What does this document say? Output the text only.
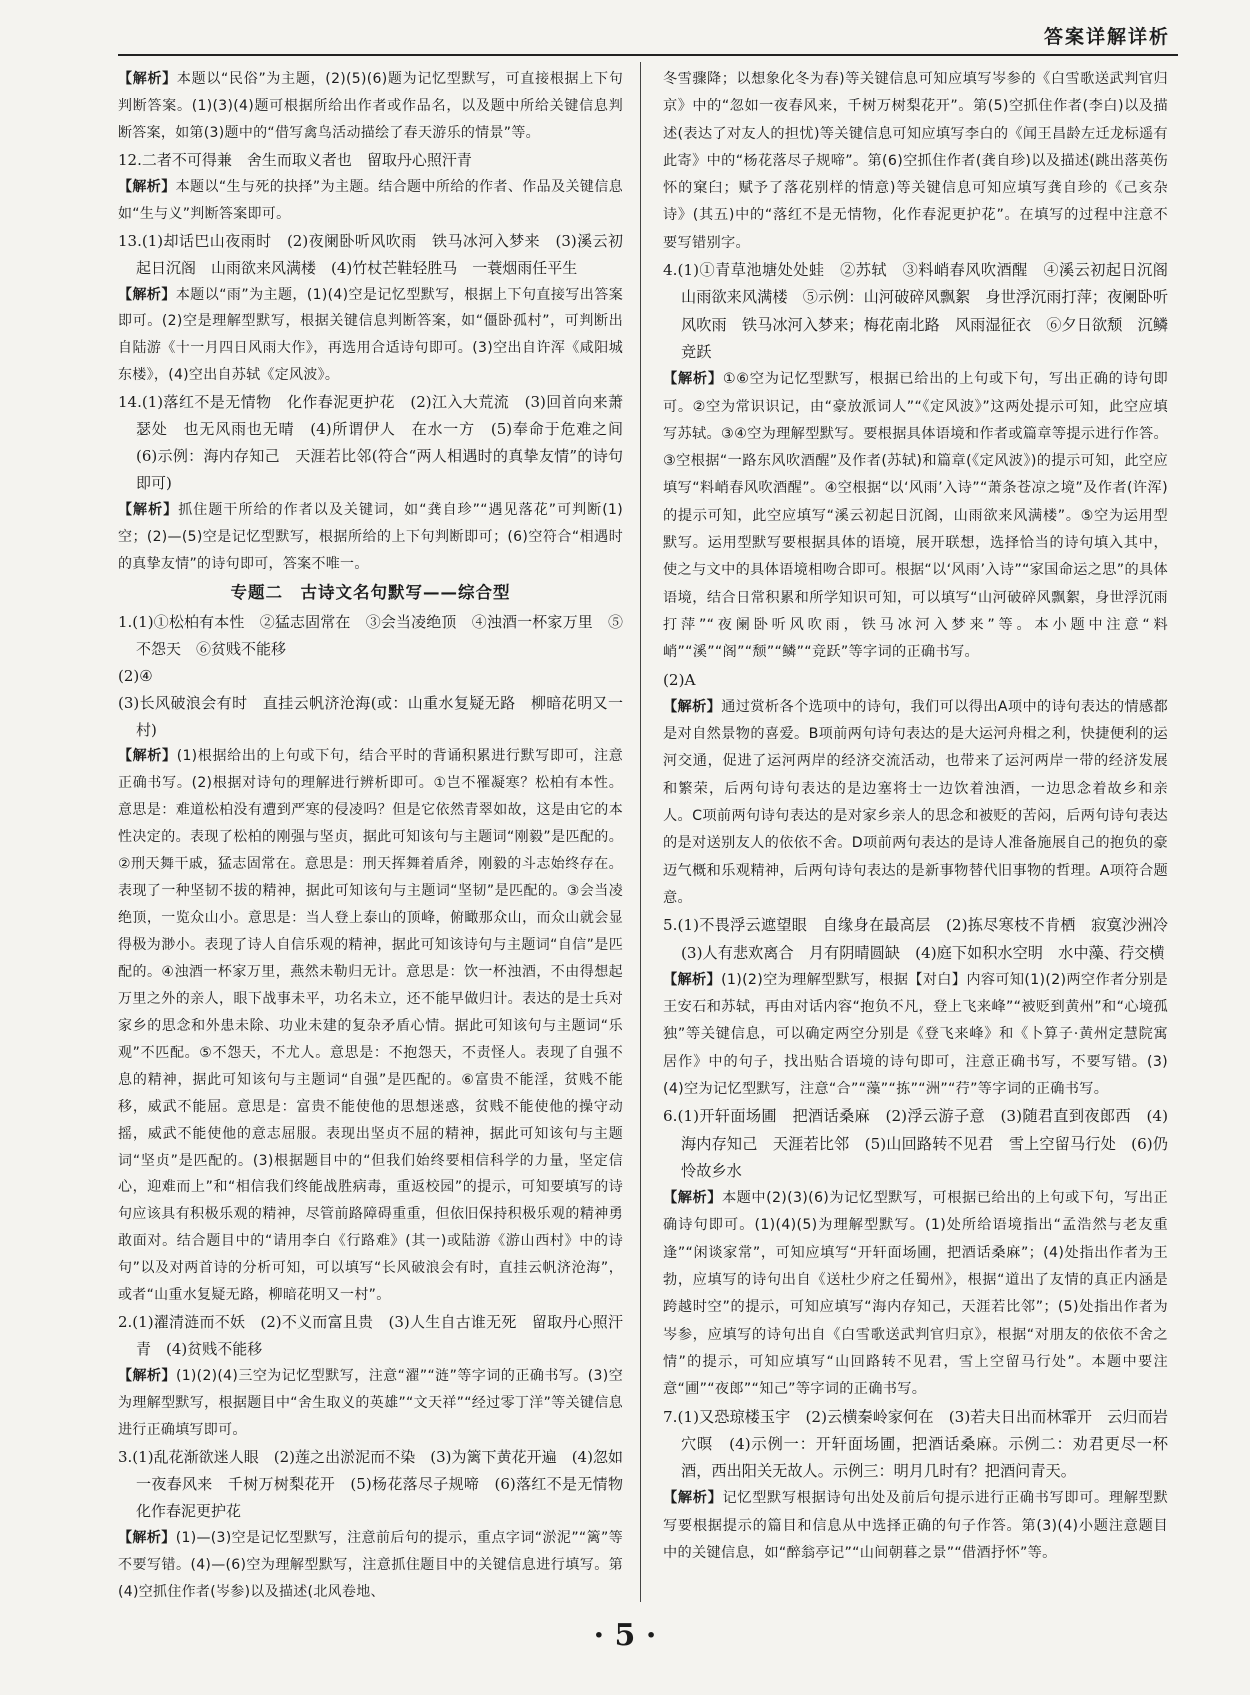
答案详解详析
【解析】本题以“民俗”为主题，(2)(5)(6)题为记忆型默写，可直接根据上下句判断答案。(1)(3)(4)题可根据所给出作者或作品名，以及题中所给关键信息判断答案，如第(3)题中的“借写禽鸟活动描绘了春天游乐的情景”等。
12.二者不可得兼　舍生而取义者也　留取丹心照汗青
【解析】本题以“生与死的抉择”为主题。结合题中所给的作者、作品及关键信息如“生与义”判断答案即可。
13.(1)却话巴山夜雨时　(2)夜阑卧听风吹雨　铁马冰河入梦来　(3)溪云初起日沉阁　山雨欲来风满楼　(4)竹杖芒鞋轻胜马　一蓑烟雨任平生
【解析】本题以“雨”为主题，(1)(4)空是记忆型默写，根据上下句直接写出答案即可。(2)空是理解型默写，根据关键信息判断答案，如“僵卧孤村”，可判断出自陆游《十一月四日风雨大作》，再选用合适诗句即可。(3)空出自许浑《咸阳城东楼》，(4)空出自苏轼《定风波》。
14.(1)落红不是无情物　化作春泥更护花　(2)江入大荒流　(3)回首向来萧瑟处　也无风雨也无晴　(4)所谓伊人　在水一方　(5)奉命于危难之间　(6)示例：海内存知己　天涯若比邻(符合“两人相遇时的真挚友情”的诗句即可)
【解析】抓住题干所给的作者以及关键词，如“龚自珍”“遇见落花”可判断(1)空；(2)—(5)空是记忆型默写，根据所给的上下句判断即可；(6)空符合“相遇时的真挚友情”的诗句即可，答案不唯一。
专题二　古诗文名句默写——综合型
1.(1)①松柏有本性　②猛志固常在　③会当凌绝顶　④浊酒一杯家万里　⑤不怨天　⑥贫贱不能移
(2)④
(3)长风破浪会有时　直挂云帆济沧海(或：山重水复疑无路　柳暗花明又一村)
【解析】(1)根据给出的上句或下句，结合平时的背诵积累进行默写即可，注意正确书写。(2)根据对诗句的理解进行辨析即可。①岂不罹凝寒？松柏有本性。意思是：难道松柏没有遭到严寒的侵凌吗？但是它依然青翠如故，这是由它的本性决定的。表现了松柏的刚强与坚贞，据此可知该句与主题词“刚毅”是匹配的。②刑天舞干戚，猛志固常在。意思是：刑天挥舞着盾斧，刚毅的斗志始终存在。表现了一种坚韧不拔的精神，据此可知该句与主题词“坚韧”是匹配的。③会当凌绝顶，一览众山小。意思是：当人登上泰山的顶峰，俯瞰那众山，而众山就会显得极为渺小。表现了诗人自信乐观的精神，据此可知该诗句与主题词“自信”是匹配的。④浊酒一杯家万里，燕然未勒归无计。意思是：饮一杯浊酒，不由得想起万里之外的亲人，眼下战事未平，功名未立，还不能早做归计。表达的是士兵对家乡的思念和外患未除、功业未建的复杂矛盾心情。据此可知该句与主题词“乐观”不匹配。⑤不怨天，不尤人。意思是：不抱怨天，不责怪人。表现了自强不息的精神，据此可知该句与主题词“自强”是匹配的。⑥富贵不能淫，贫贱不能移，威武不能屈。意思是：富贵不能使他的思想迷惑，贫贱不能使他的操守动摇，威武不能使他的意志屈服。表现出坚贞不屈的精神，据此可知该句与主题词“坚贞”是匹配的。(3)根据题目中的“但我们始终要相信科学的力量，坚定信心，迎难而上”和“相信我们终能战胜病毒，重返校园”的提示，可知要填写的诗句应该具有积极乐观的精神，尽管前路障碍重重，但依旧保持积极乐观的精神勇敢面对。结合题目中的“请用李白《行路难》(其一)或陆游《游山西村》中的诗句”以及对两首诗的分析可知，可以填写“长风破浪会有时，直挂云帆济沧海”，或者“山重水复疑无路，柳暗花明又一村”。
2.(1)濯清涟而不妖　(2)不义而富且贵　(3)人生自古谁无死　留取丹心照汗青　(4)贫贱不能移
【解析】(1)(2)(4)三空为记忆型默写，注意“濯”“涟”等字词的正确书写。(3)空为理解型默写，根据题目中“舍生取义的英雄”“文天祥”“经过零丁洋”等关键信息进行正确填写即可。
3.(1)乱花渐欲迷人眼　(2)莲之出淤泥而不染　(3)为篱下黄花开遍　(4)忽如一夜春风来　千树万树梨花开　(5)杨花落尽子规啼　(6)落红不是无情物　化作春泥更护花
【解析】(1)—(3)空是记忆型默写，注意前后句的提示，重点字词“淤泥”“篱”等不要写错。(4)—(6)空为理解型默写，注意抓住题目中的关键信息进行填写。第(4)空抓住作者(岑参)以及描述(北风卷地、
冬雪骤降；以想象化冬为春)等关键信息可知应填写岑参的《白雪歌送武判官归京》中的“忽如一夜春风来，千树万树梨花开”。第(5)空抓住作者(李白)以及描述(表达了对友人的担忧)等关键信息可知应填写李白的《闻王昌龄左迁龙标遥有此寄》中的“杨花落尽子规啼”。第(6)空抓住作者(龚自珍)以及描述(跳出落英伤怀的窠臼；赋予了落花别样的情意)等关键信息可知应填写龚自珍的《己亥杂诗》(其五)中的“落红不是无情物，化作春泥更护花”。在填写的过程中注意不要写错别字。
4.(1)①青草池塘处处蛙　②苏轼　③料峭春风吹酒醒　④溪云初起日沉阁　山雨欲来风满楼　⑤示例：山河破碎风飘絮　身世浮沉雨打萍；夜阑卧听风吹雨　铁马冰河入梦来；梅花南北路　风雨湿征衣　⑥夕日欲颓　沉鳞竞跃
【解析】①⑥空为记忆型默写，根据已给出的上句或下句，写出正确的诗句即可。②空为常识识记，由“豪放派词人”“《定风波》”这两处提示可知，此空应填写苏轼。③④空为理解型默写。要根据具体语境和作者或篇章等提示进行作答。③空根据“一路东风吹酒醒”及作者(苏轼)和篇章(《定风波》)的提示可知，此空应填写“料峭春风吹酒醒”。④空根据“以‘风雨’入诗”“萧条苍凉之境”及作者(许浑)的提示可知，此空应填写“溪云初起日沉阁，山雨欲来风满楼”。⑤空为运用型默写。运用型默写要根据具体的语境，展开联想，选择恰当的诗句填入其中，使之与文中的具体语境相吻合即可。根据“以‘风雨’入诗”“家国命运之思”的具体语境，结合日常积累和所学知识可知，可以填写“山河破碎风飘絮，身世浮沉雨打萍”“夜阑卧听风吹雨，铁马冰河入梦来”等。本小题中注意“料峭”“溪”“阁”“颓”“鳞”“竞跃”等字词的正确书写。
(2)A
【解析】通过赏析各个选项中的诗句，我们可以得出A项中的诗句表达的情感都是对自然景物的喜爱。B项前两句诗句表达的是大运河舟楫之利，快捷便利的运河交通，促进了运河两岸的经济交流活动，也带来了运河两岸一带的经济发展和繁荣，后两句诗句表达的是边塞将士一边饮着浊酒，一边思念着故乡和亲人。C项前两句诗句表达的是对家乡亲人的思念和被贬的苦闷，后两句诗句表达的是对送别友人的依依不舍。D项前两句表达的是诗人准备施展自己的抱负的豪迈气概和乐观精神，后两句诗句表达的是新事物替代旧事物的哲理。A项符合题意。
5.(1)不畏浮云遮望眼　自缘身在最高层　(2)拣尽寒枝不肯栖　寂寞沙洲冷　(3)人有悲欢离合　月有阴晴圆缺　(4)庭下如积水空明　水中藻、荇交横
【解析】(1)(2)空为理解型默写，根据【对白】内容可知(1)(2)两空作者分别是王安石和苏轼，再由对话内容“抱负不凡，登上飞来峰”“被贬到黄州”和“心境孤独”等关键信息，可以确定两空分别是《登飞来峰》和《卜算子·黄州定慧院寓居作》中的句子，找出贴合语境的诗句即可，注意正确书写，不要写错。(3)(4)空为记忆型默写，注意“合”“藻”“拣”“洲”“荇”等字词的正确书写。
6.(1)开轩面场圃　把酒话桑麻　(2)浮云游子意　(3)随君直到夜郎西　(4)海内存知己　天涯若比邻　(5)山回路转不见君　雪上空留马行处　(6)仍怜故乡水
【解析】本题中(2)(3)(6)为记忆型默写，可根据已给出的上句或下句，写出正确诗句即可。(1)(4)(5)为理解型默写。(1)处所给语境指出“孟浩然与老友重逢”“闲谈家常”，可知应填写“开轩面场圃，把酒话桑麻”；(4)处指出作者为王勃，应填写的诗句出自《送杜少府之任蜀州》，根据“道出了友情的真正内涵是跨越时空”的提示，可知应填写“海内存知己，天涯若比邻”；(5)处指出作者为岑参，应填写的诗句出自《白雪歌送武判官归京》，根据“对朋友的依依不舍之情”的提示，可知应填写“山回路转不见君，雪上空留马行处”。本题中要注意“圃”“夜郎”“知己”等字词的正确书写。
7.(1)又恐琼楼玉宇　(2)云横秦岭家何在　(3)若夫日出而林霏开　云归而岩穴暝　(4)示例一：开轩面场圃，把酒话桑麻。示例二：劝君更尽一杯酒，西出阳关无故人。示例三：明月几时有？把酒问青天。
【解析】记忆型默写根据诗句出处及前后句提示进行正确书写即可。理解型默写要根据提示的篇目和信息从中选择正确的句子作答。第(3)(4)小题注意题目中的关键信息，如“醉翁亭记”“山间朝暮之景”“借酒抒怀”等。
· 5 ·
